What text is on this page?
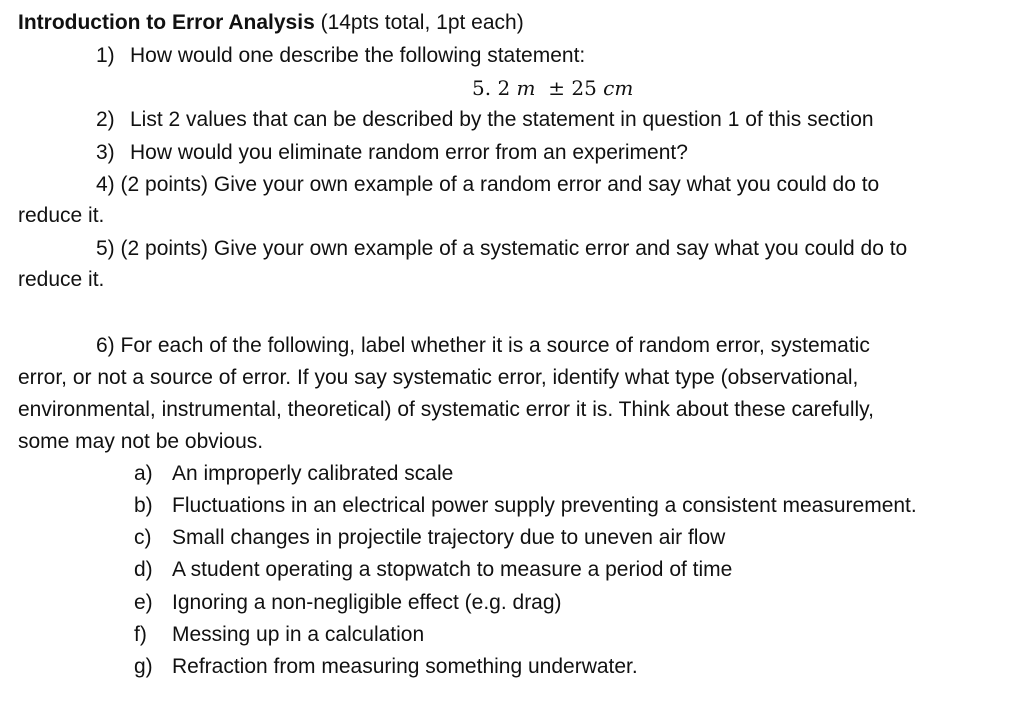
Introduction to Error Analysis (14pts total, 1pt each)
1) How would one describe the following statement:
5. 2 m ± 25 cm
2) List 2 values that can be described by the statement in question 1 of this section
3) How would you eliminate random error from an experiment?
4) (2 points) Give your own example of a random error and say what you could do to
reduce it.
5) (2 points) Give your own example of a systematic error and say what you could do to
reduce it.
6) For each of the following, label whether it is a source of random error, systematic
error, or not a source of error. If you say systematic error, identify what type (observational,
environmental, instrumental, theoretical) of systematic error it is. Think about these carefully,
some may not be obvious.
a) An improperly calibrated scale
b) Fluctuations in an electrical power supply preventing a consistent measurement.
c) Small changes in projectile trajectory due to uneven air flow
d) A student operating a stopwatch to measure a period of time
e) Ignoring a non-negligible effect (e.g. drag)
f) Messing up in a calculation
g) Refraction from measuring something underwater.
